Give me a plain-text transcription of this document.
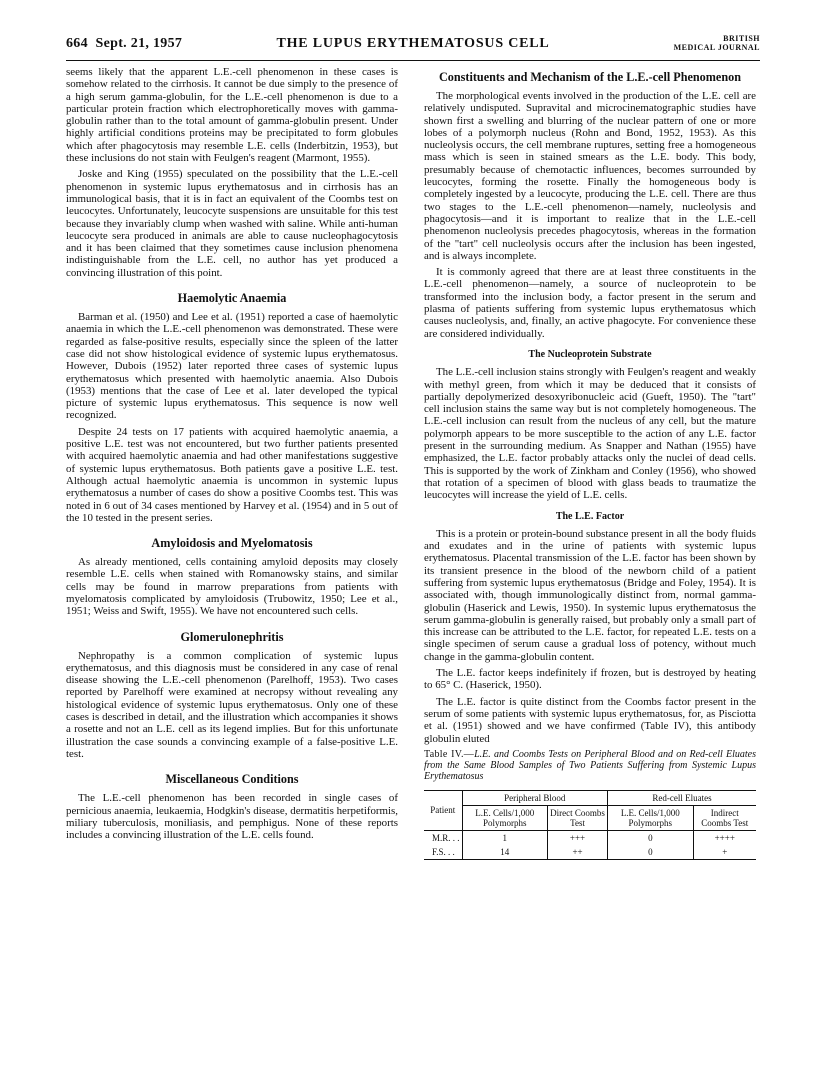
664 Sept. 21, 1957	THE LUPUS ERYTHEMATOSUS CELL	BRITISH
MEDICAL JOURNAL

seems likely that the apparent L.E.-cell phenomenon in these cases is somehow related to the cirrhosis. It cannot be due simply to the presence of a high serum gamma-globulin, for the L.E.-cell phenomenon is due to a particular protein fraction which electrophoretically moves with gamma-globulin rather than to the total amount of gamma-globulin present. Under highly artificial conditions proteins may be precipitated to form globules which after phagocytosis may resemble L.E. cells (Inderbitzin, 1953), but these inclusions do not stain with Feulgen's reagent (Marmont, 1955).

Joske and King (1955) speculated on the possibility that the L.E.-cell phenomenon in systemic lupus erythematosus and in cirrhosis has an immunological basis, that it is in fact an equivalent of the Coombs test on leucocytes. Unfortunately, leucocyte suspensions are unsuitable for this test because they invariably clump when washed with saline. While anti-human leucocyte sera produced in animals are able to cause nucleophagocytosis and it has been claimed that they sometimes cause inclusion phenomena indistinguishable from the L.E. cell, no author has yet produced a convincing illustration of this point.

Haemolytic Anaemia

Barman et al. (1950) and Lee et al. (1951) reported a case of haemolytic anaemia in which the L.E.-cell phenomenon was demonstrated. These were regarded as false-positive results, especially since the spleen of the latter case did not show histological evidence of systemic lupus erythematosus. However, Dubois (1952) later reported three cases of systemic lupus erythematosus which presented with haemolytic anaemia. Also Dubois (1953) mentions that the case of Lee et al. later developed the typical picture of systemic lupus erythematosus. This sequence is now well recognized.

Despite 24 tests on 17 patients with acquired haemolytic anaemia, a positive L.E. test was not encountered, but two further patients presented with acquired haemolytic anaemia and had other manifestations suggestive of systemic lupus erythematosus. Both patients gave a positive L.E. test. Although actual haemolytic anaemia is uncommon in systemic lupus erythematosus a number of cases do show a positive Coombs test. This was noted in 6 out of 34 cases mentioned by Harvey et al. (1954) and in 5 out of the 10 tested in the present series.

Amyloidosis and Myelomatosis

As already mentioned, cells containing amyloid deposits may closely resemble L.E. cells when stained with Romanowsky stains, and similar cells may be found in marrow preparations from patients with myelomatosis complicated by amyloidosis (Trubowitz, 1950; Lee et al., 1951; Weiss and Swift, 1955). We have not encountered such cells.

Glomerulonephritis

Nephropathy is a common complication of systemic lupus erythematosus, and this diagnosis must be considered in any case of renal disease showing the L.E.-cell phenomenon (Parelhoff, 1953). Two cases reported by Parelhoff were examined at necropsy without revealing any histological evidence of systemic lupus erythematosus. Only one of these cases is described in detail, and the illustration which accompanies it shows a rosette and not an L.E. cell as its legend implies. But for this unfortunate illustration the case sounds a convincing example of a false-positive L.E. test.

Miscellaneous Conditions

The L.E.-cell phenomenon has been recorded in single cases of pernicious anaemia, leukaemia, Hodgkin's disease, dermatitis herpetiformis, miliary tuberculosis, moniliasis, and pemphigus. None of these reports includes a convincing illustration of the L.E. cells found.

Constituents and Mechanism of the L.E.-cell Phenomenon

The morphological events involved in the production of the L.E. cell are relatively undisputed. Supravital and microcinematographic studies have shown first a swelling and blurring of the nuclear pattern of one or more lobes of a polymorph nucleus (Rohn and Bond, 1952, 1953). As this nucleolysis occurs, the cell membrane ruptures, setting free a homogeneous mass which is seen in stained smears as the L.E. body. This body, presumably because of chemotactic influences, becomes surrounded by leucocytes, forming the rosette. Finally the homogeneous body is completely ingested by a leucocyte, producing the L.E. cell. There are thus two stages to the L.E.-cell phenomenon—namely, nucleolysis and phagocytosis—and it is important to realize that in the L.E.-cell phenomenon nucleolysis precedes phagocytosis, whereas in the formation of the "tart" cell nucleolysis occurs after the inclusion has been ingested, and is always incomplete.

It is commonly agreed that there are at least three constituents in the L.E.-cell phenomenon—namely, a source of nucleoprotein to be transformed into the inclusion body, a factor present in the serum and plasma of patients suffering from systemic lupus erythematosus which causes nucleolysis, and, finally, an active phagocyte. For convenience these are considered individually.

The Nucleoprotein Substrate

The L.E.-cell inclusion stains strongly with Feulgen's reagent and weakly with methyl green, from which it may be deduced that it consists of partially depolymerized desoxyribonucleic acid (Gueft, 1950). The "tart" cell inclusion stains the same way but is not completely homogeneous. The L.E.-cell inclusion can result from the nucleus of any cell, but the mature polymorph appears to be more susceptible to the action of any L.E. factor present in the surrounding medium. As Snapper and Nathan (1955) have emphasized, the L.E. factor probably attacks only the nuclei of dead cells. This is supported by the work of Zinkham and Conley (1956), who showed that rotation of a specimen of blood with glass beads to traumatize the leucocytes will increase the yield of L.E. cells.

The L.E. Factor

This is a protein or protein-bound substance present in all the body fluids and exudates and in the urine of patients with systemic lupus erythematosus. Placental transmission of the L.E. factor has been shown by its transient presence in the blood of the newborn child of a patient suffering from systemic lupus erythematosus (Bridge and Foley, 1954). It is associated with, though immunologically distinct from, normal gamma-globulin (Haserick and Lewis, 1950). In systemic lupus erythematosus the serum gamma-globulin is generally raised, but probably only a small part of this increase can be attributed to the L.E. factor, for repeated L.E. tests on a single specimen of serum cause a gradual loss of potency, without much change in the gamma-globulin content.

The L.E. factor keeps indefinitely if frozen, but is destroyed by heating to 65° C. (Haserick, 1950).

The L.E. factor is quite distinct from the Coombs factor present in the serum of some patients with systemic lupus erythematosus, for, as Pisciotta et al. (1951) showed and we have confirmed (Table IV), this antibody globulin eluted

Table IV.—L.E. and Coombs Tests on Peripheral Blood and on Red-cell Eluates from the Same Blood Samples of Two Patients Suffering from Systemic Lupus Erythematosus
Patient	Peripheral Blood		Red-cell Eluates	
	L.E. Cells/1,000 Polymorphs	Direct Coombs Test	L.E. Cells/1,000 Polymorphs	Indirect Coombs Test
M.R. . .	1	+++	0	++++
F.S. . .	14	++	0	+
